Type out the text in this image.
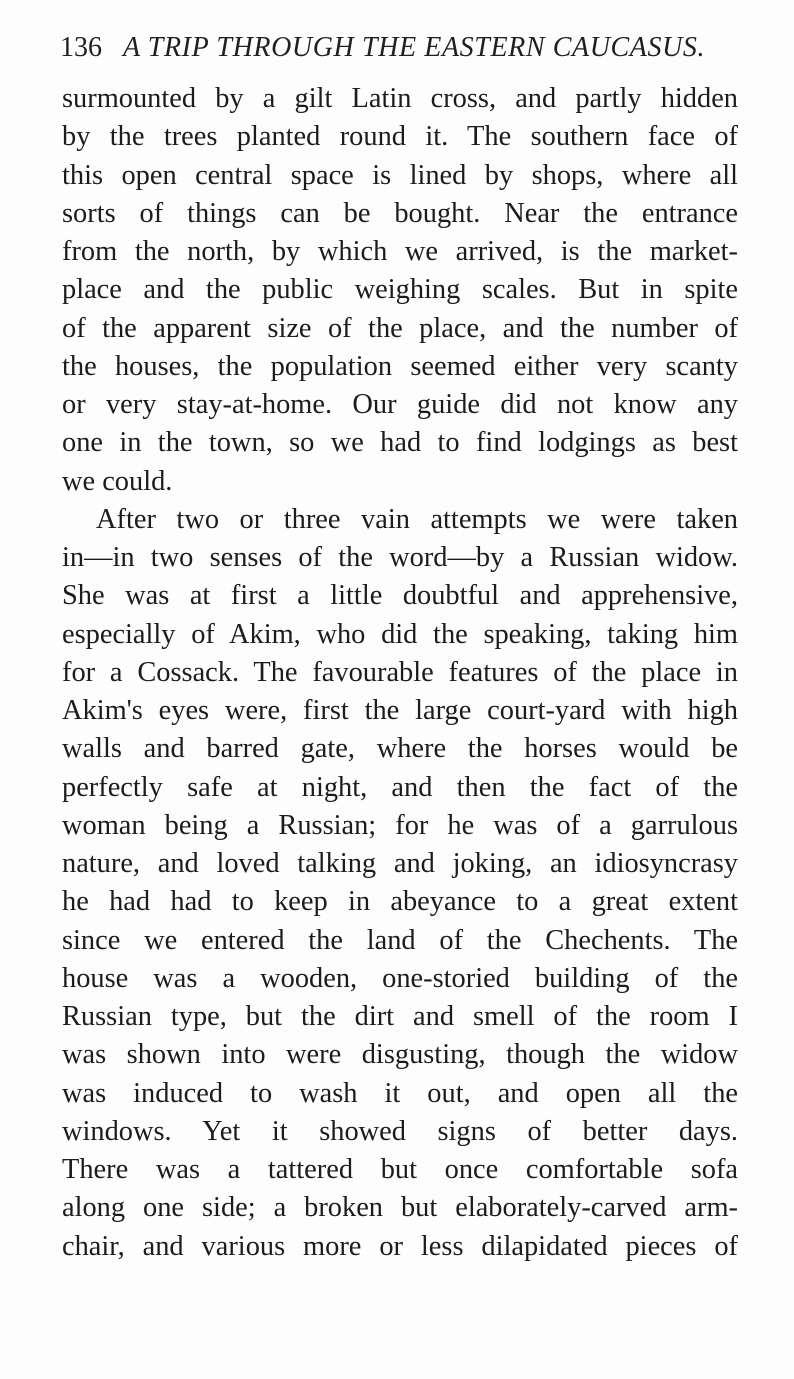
136 A TRIP THROUGH THE EASTERN CAUCASUS.
surmounted by a gilt Latin cross, and partly hidden
by the trees planted round it. The southern face of
this open central space is lined by shops, where all
sorts of things can be bought. Near the entrance
from the north, by which we arrived, is the market-
place and the public weighing scales. But in spite
of the apparent size of the place, and the number of
the houses, the population seemed either very scanty
or very stay-at-home. Our guide did not know any
one in the town, so we had to find lodgings as best
we could.
After two or three vain attempts we were taken
in—in two senses of the word—by a Russian widow.
She was at first a little doubtful and apprehensive,
especially of Akim, who did the speaking, taking him
for a Cossack. The favourable features of the place in
Akim's eyes were, first the large court-yard with high
walls and barred gate, where the horses would be
perfectly safe at night, and then the fact of the
woman being a Russian; for he was of a garrulous
nature, and loved talking and joking, an idiosyncrasy
he had had to keep in abeyance to a great extent
since we entered the land of the Chechents. The
house was a wooden, one-storied building of the
Russian type, but the dirt and smell of the room I
was shown into were disgusting, though the widow
was induced to wash it out, and open all the
windows. Yet it showed signs of better days.
There was a tattered but once comfortable sofa
along one side; a broken but elaborately-carved arm-
chair, and various more or less dilapidated pieces of
